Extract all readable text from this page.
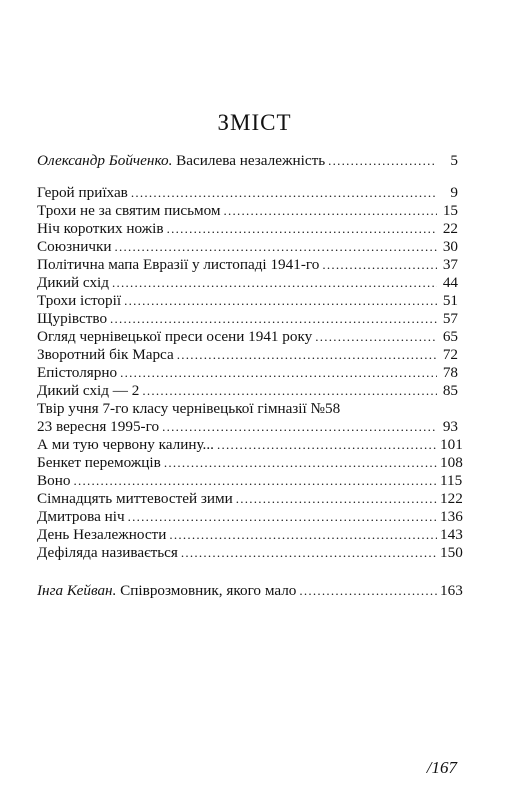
ЗМІСТ
Олександр Бойченко.
Василева незалежність . . .	5
Герой приїхав . . .	9
Трохи не за святим письмом . . .	15
Ніч коротких ножів . . .	22
Союзнички . . .	30
Політична мапа Евразії у листопаді 1941-го . . .	37
Дикий схід . . .	44
Трохи історії . . .	51
Щурівство . . .	57
Огляд чернівецької преси осени 1941 року . . .	65
Зворотний бік Марса . . .	72
Епістолярно . . .	78
Дикий схід — 2 . . .	85
Твір учня 7-го класу чернівецької гімназії №58
23 вересня 1995-го . . .	93
А ми тую червону калину... . . .	101
Бенкет переможців . . .	108
Воно . . .	115
Сімнадцять миттевостей зими . . .	122
Дмитрова ніч . . .	136
День Незалежности . . .	143
Дефіляда називається . . .	150
Інга Кейван.
Співрозмовник, якого мало . . .	163
/167
